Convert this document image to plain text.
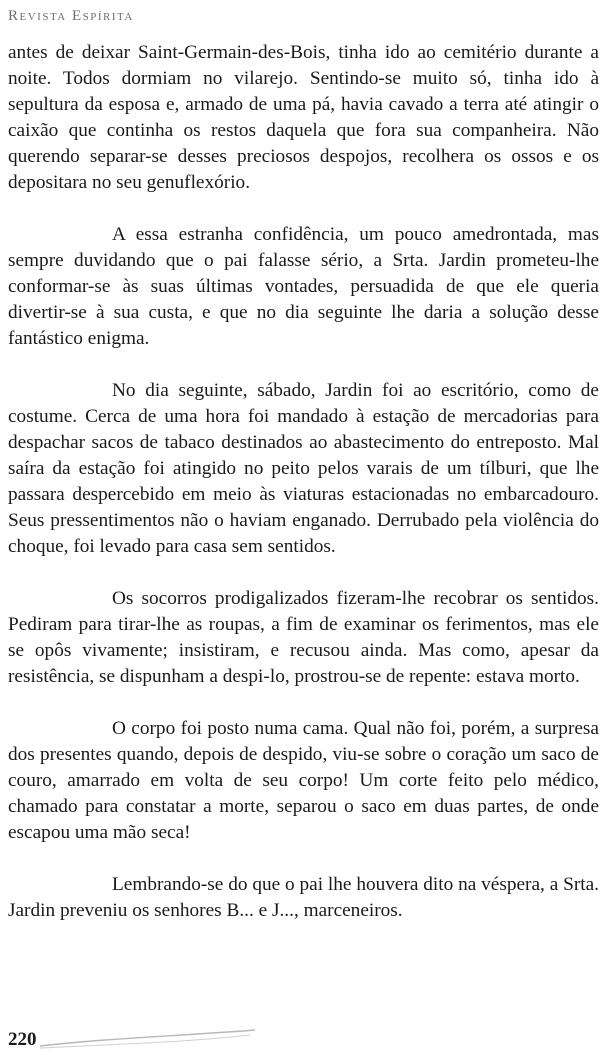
Revista Espírita

antes de deixar Saint-Germain-des-Bois, tinha ido ao cemitério durante a noite. Todos dormiam no vilarejo. Sentindo-se muito só, tinha ido à sepultura da esposa e, armado de uma pá, havia cavado a terra até atingir o caixão que continha os restos daquela que fora sua companheira. Não querendo separar-se desses preciosos despojos, recolhera os ossos e os depositara no seu genuflexório.

A essa estranha confidência, um pouco amedrontada, mas sempre duvidando que o pai falasse sério, a Srta. Jardin prometeu-lhe conformar-se às suas últimas vontades, persuadida de que ele queria divertir-se à sua custa, e que no dia seguinte lhe daria a solução desse fantástico enigma.

No dia seguinte, sábado, Jardin foi ao escritório, como de costume. Cerca de uma hora foi mandado à estação de mercadorias para despachar sacos de tabaco destinados ao abastecimento do entreposto. Mal saíra da estação foi atingido no peito pelos varais de um tílburi, que lhe passara despercebido em meio às viaturas estacionadas no embarcadouro. Seus pressentimentos não o haviam enganado. Derrubado pela violência do choque, foi levado para casa sem sentidos.

Os socorros prodigalizados fizeram-lhe recobrar os sentidos. Pediram para tirar-lhe as roupas, a fim de examinar os ferimentos, mas ele se opôs vivamente; insistiram, e recusou ainda. Mas como, apesar da resistência, se dispunham a despi-lo, prostrou-se de repente: estava morto.

O corpo foi posto numa cama. Qual não foi, porém, a surpresa dos presentes quando, depois de despido, viu-se sobre o coração um saco de couro, amarrado em volta de seu corpo! Um corte feito pelo médico, chamado para constatar a morte, separou o saco em duas partes, de onde escapou uma mão seca!

Lembrando-se do que o pai lhe houvera dito na véspera, a Srta. Jardin preveniu os senhores B... e J..., marceneiros.

220
